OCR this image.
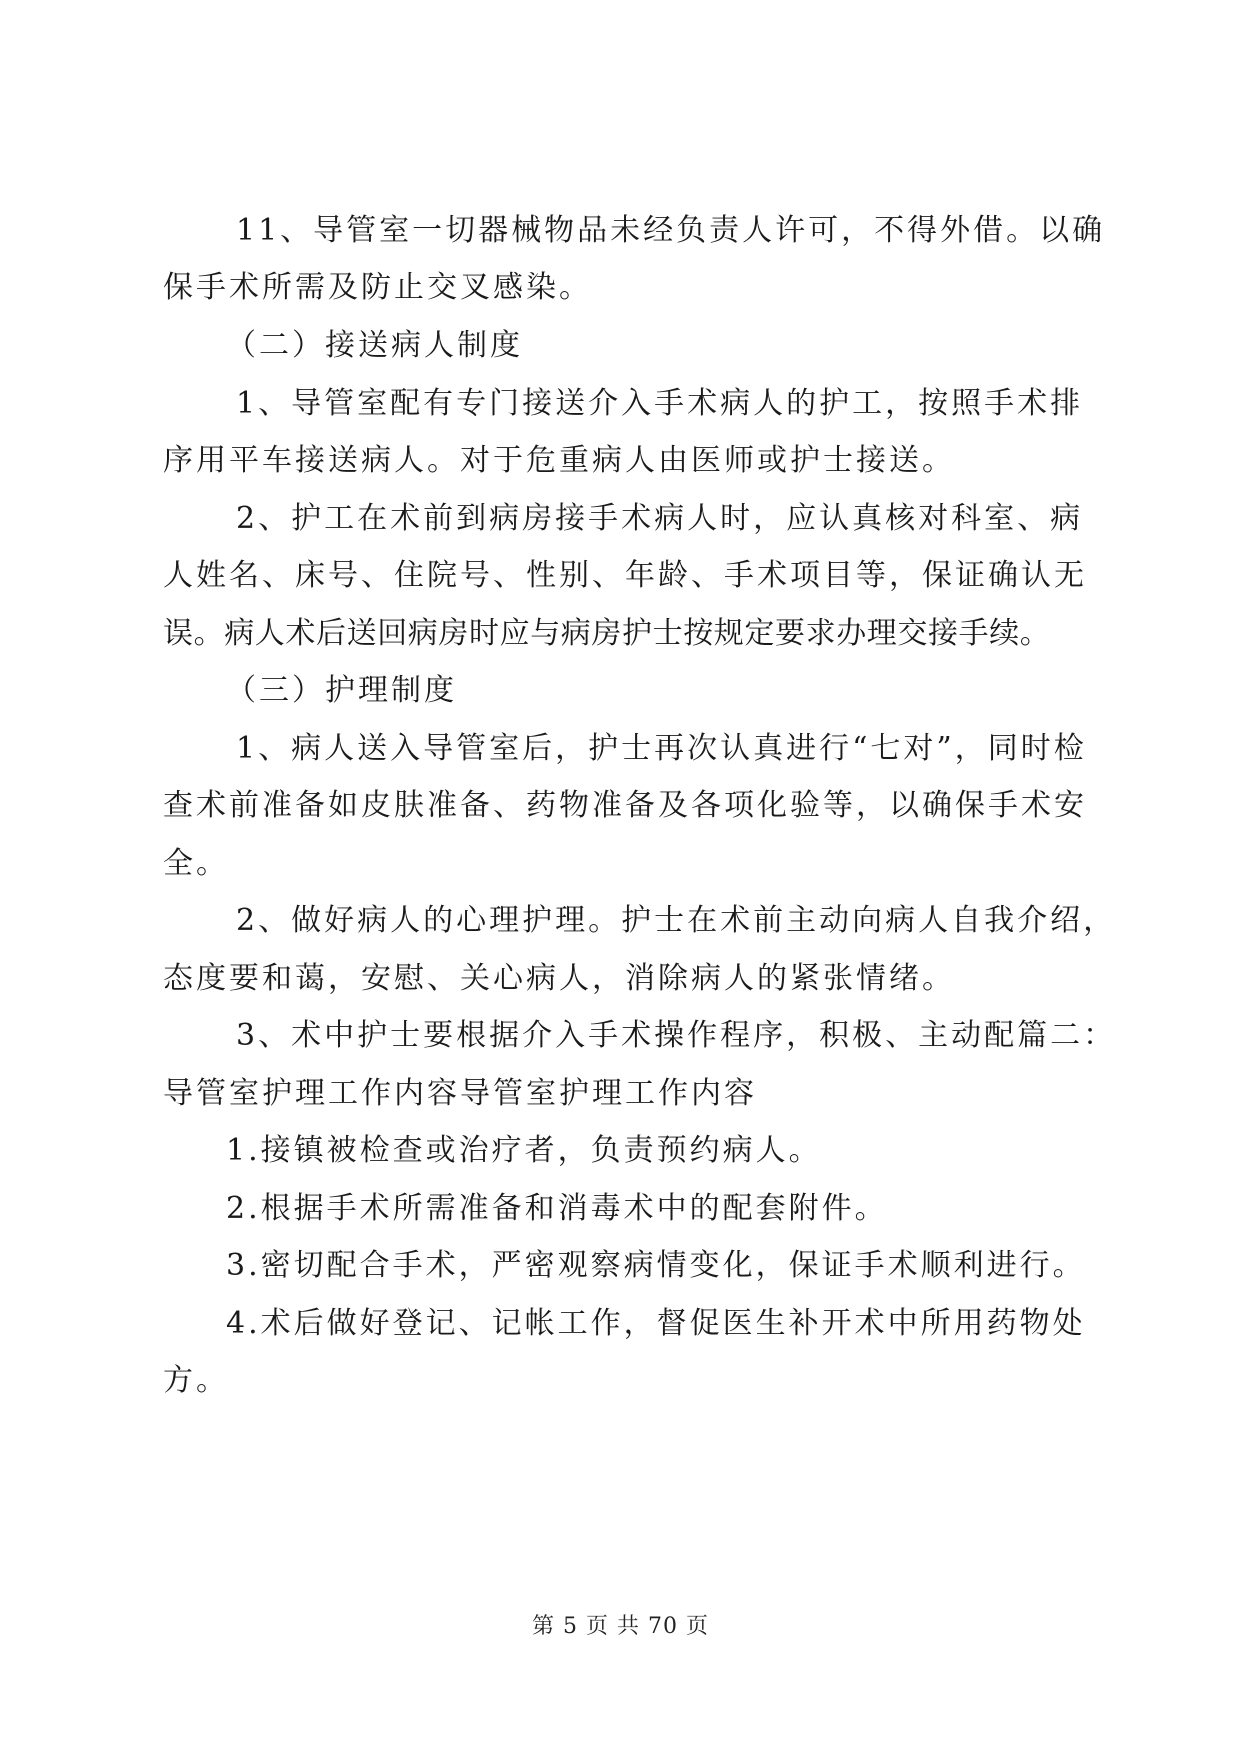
11、导管室一切器械物品未经负责人许可，不得外借。以确
保手术所需及防止交叉感染。
（二）接送病人制度
1、导管室配有专门接送介入手术病人的护工，按照手术排
序用平车接送病人。对于危重病人由医师或护士接送。
2、护工在术前到病房接手术病人时，应认真核对科室、病
人姓名、床号、住院号、性别、年龄、手术项目等，保证确认无
误。病人术后送回病房时应与病房护士按规定要求办理交接手续。
（三）护理制度
1、病人送入导管室后，护士再次认真进行“七对”，同时检
查术前准备如皮肤准备、药物准备及各项化验等，以确保手术安
全。
2、做好病人的心理护理。护士在术前主动向病人自我介绍，
态度要和蔼，安慰、关心病人，消除病人的紧张情绪。
3、术中护士要根据介入手术操作程序，积极、主动配篇二：
导管室护理工作内容导管室护理工作内容
1.接镇被检查或治疗者，负责预约病人。
2.根据手术所需准备和消毒术中的配套附件。
3.密切配合手术，严密观察病情变化，保证手术顺利进行。
4.术后做好登记、记帐工作，督促医生补开术中所用药物处
方。
第 5 页 共 70 页
